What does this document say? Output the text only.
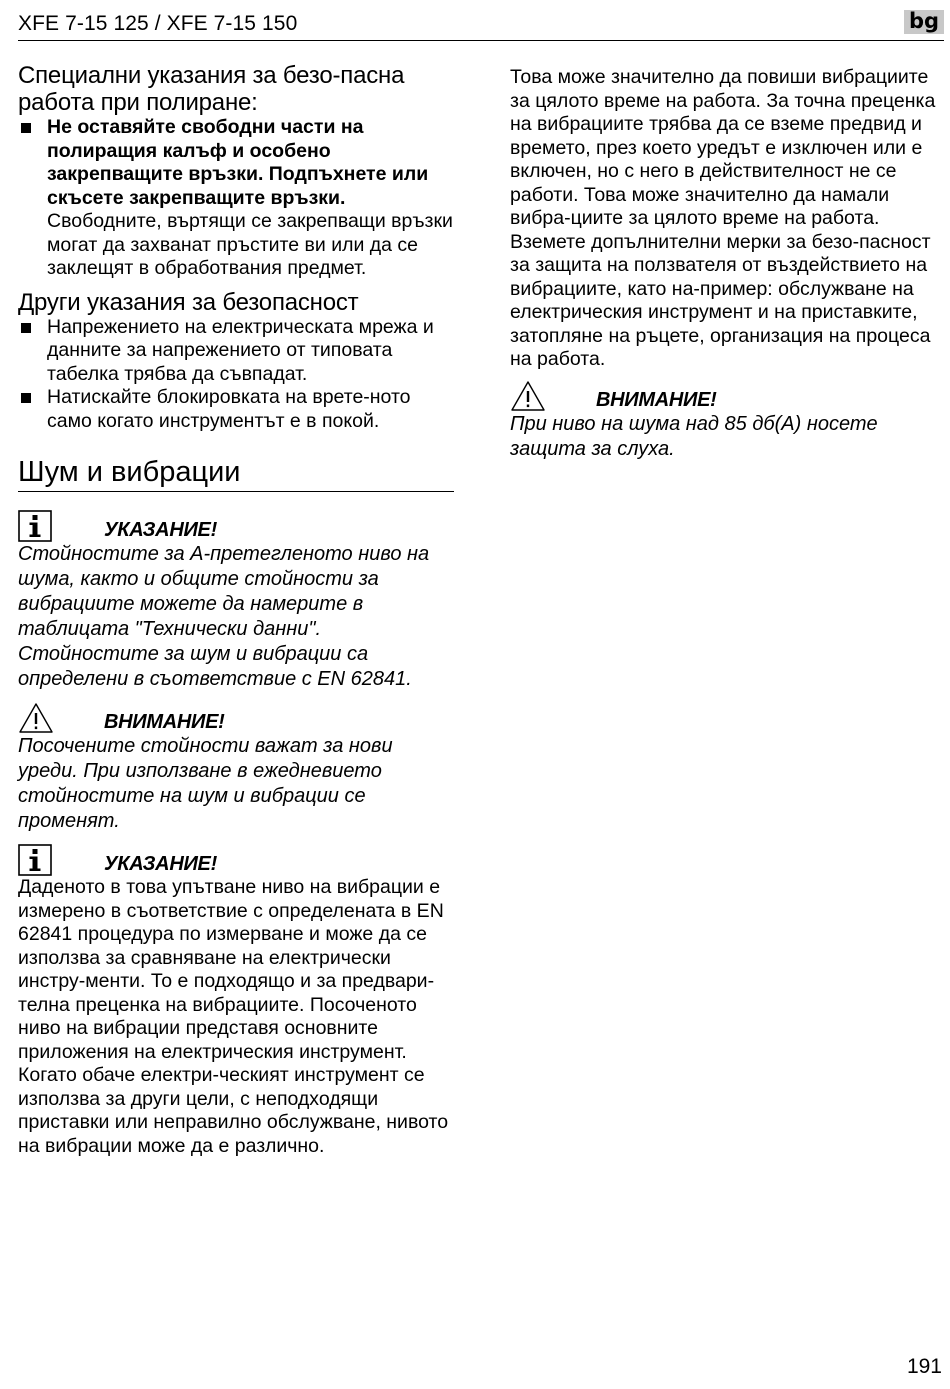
XFE 7-15 125 / XFE 7-15 150	bg
Специални указания за безо-пасна работа при полиране:
Не оставяйте свободни части на полиращия калъф и особено закрепващите връзки. Подпъхнете или скъсете закрепващите връзки. Свободните, въртящи се закрепващи връзки могат да захванат пръстите ви или да се заклещят в обработвания предмет.
Други указания за безопасност
Напрежението на електрическата мрежа и данните за напрежението от типовата табелка трябва да съвпадат.
Натискайте блокировката на врете-ното само когато инструментът е в покой.
Шум и вибрации
УКАЗАНИЕ!

Стойностите за А-претегленото ниво на шума, както и общите стойности за вибрациите можете да намерите в таблицата "Технически данни". Стойностите за шум и вибрации са определени в съответствие с EN 62841.

ВНИМАНИЕ!

Посочените стойности важат за нови уреди. При използване в ежедневието стойностите на шум и вибрации се променят.

УКАЗАНИЕ!

Даденото в това упътване ниво на вибрации е измерено в съответствие с определената в EN 62841 процедура по измерване и може да се използва за сравняване на електрически инстру-менти. То е подходящо и за предвари-телна преценка на вибрациите. Посоченото ниво на вибрации представя основните приложения на електрическия инструмент. Когато обаче електри-ческият инструмент се използва за други цели, с неподходящи приставки или неправилно обслужване, нивото на вибрации може да е различно.

Това може значително да повиши вибрациите за цялото време на работа. За точна преценка на вибрациите трябва да се вземе предвид и времето, през което уредът е изключен или е включен, но с него в действителност не се работи. Това може значително да намали вибра-циите за цялото време на работа. Вземете допълнителни мерки за безо-пасност за защита на ползвателя от въздействието на вибрациите, като на-пример: обслужване на електрическия инструмент и на приставките, затопляне на ръцете, организация на процеса на работа.

ВНИМАНИЕ!

При ниво на шума над 85 дб(A) носете защита за слуха.

191
